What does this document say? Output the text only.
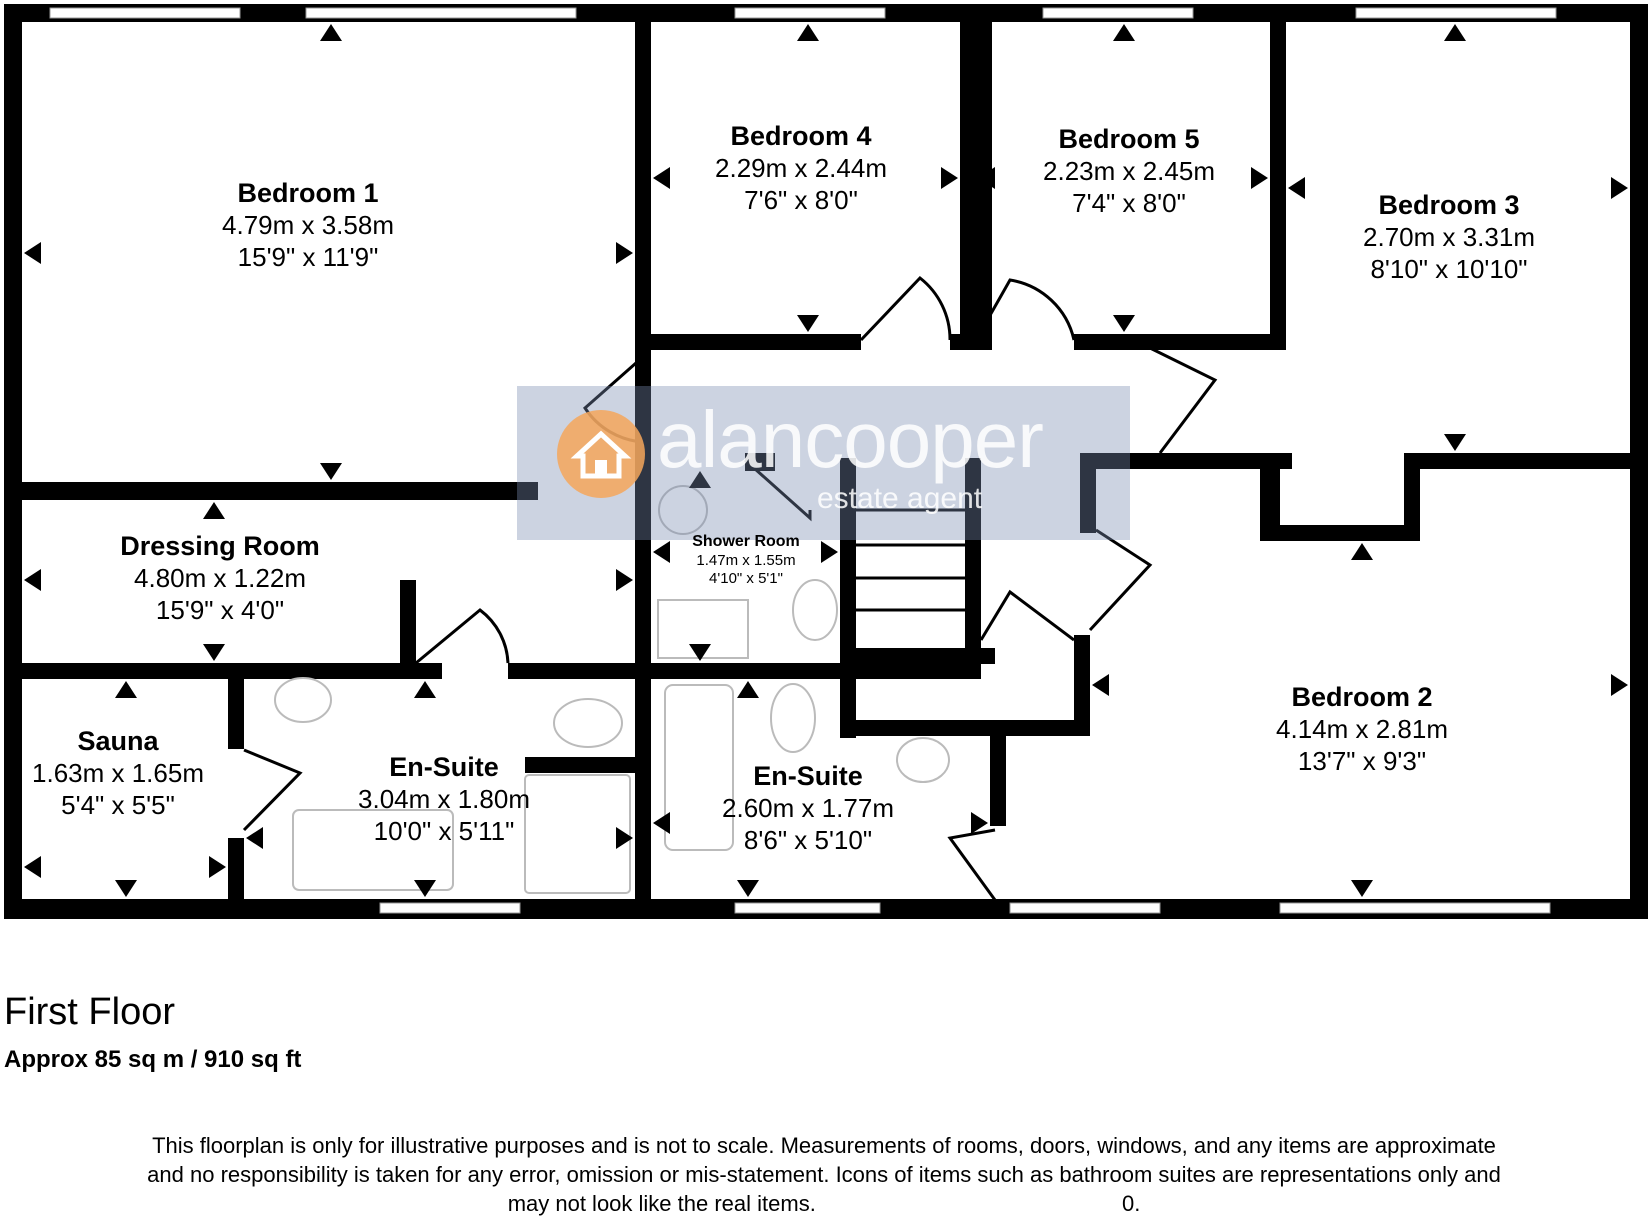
alancooper
estate agent
Bedroom 1
4.79m x 3.58m
15'9" x 11'9"
Bedroom 4
2.29m x 2.44m
7'6" x 8'0"
Bedroom 5
2.23m x 2.45m
7'4" x 8'0"	Bedroom 3
2.70m x 3.31m
8'10" x 10'10"
Dressing Room
4.80m x 1.22m
15'9" x 4'0"
Shower Room
1.47m x 1.55m
4'10" x 5'1"
Sauna
1.63m x 1.65m
5'4" x 5'5"
En-Suite
3.04m x 1.80m
10'0" x 5'11"
En-Suite
2.60m x 1.77m
8'6" x 5'10"
Bedroom 2
4.14m x 2.81m
13'7" x 9'3"
First Floor
Approx 85 sq m / 910 sq ft
This floorplan is only for illustrative purposes and is not to scale. Measurements of rooms, doors, windows, and any items are approximate
and no responsibility is taken for any error, omission or mis-statement. Icons of items such as bathroom suites are representations only and
may not look like the real items.	0.
